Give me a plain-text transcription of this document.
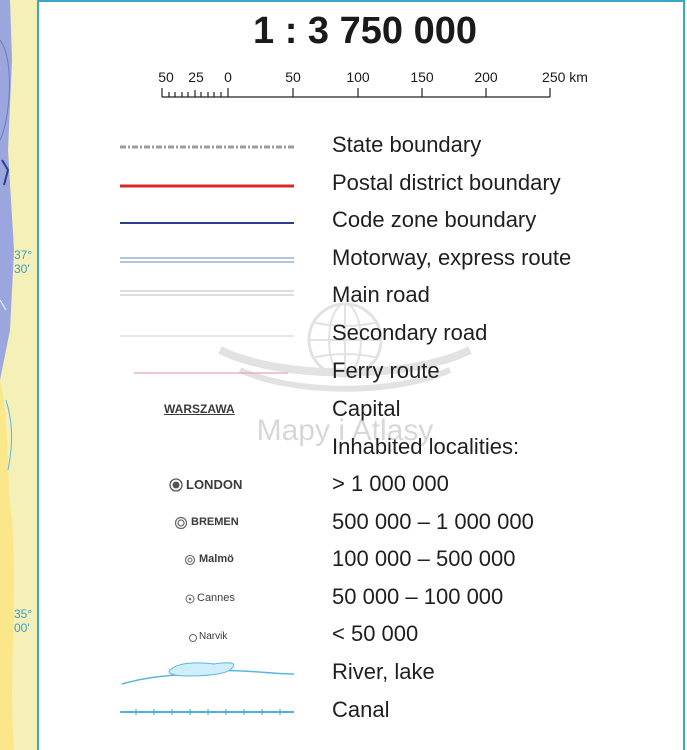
37°
30'
35°
00'
1 : 3 750 000
50 25 0	50	100	150	200	250 km
Mapy i Atlasy
WARSZAWA
LONDON
BREMEN
Malmö
Cannes
Narvik
State boundary
Postal district boundary
Code zone boundary
Motorway, express route
Main road
Secondary road
Ferry route
Capital
Inhabited localities:
> 1 000 000
500 000 – 1 000 000
100 000 – 500 000
50 000 – 100 000
< 50 000
River, lake
Canal
